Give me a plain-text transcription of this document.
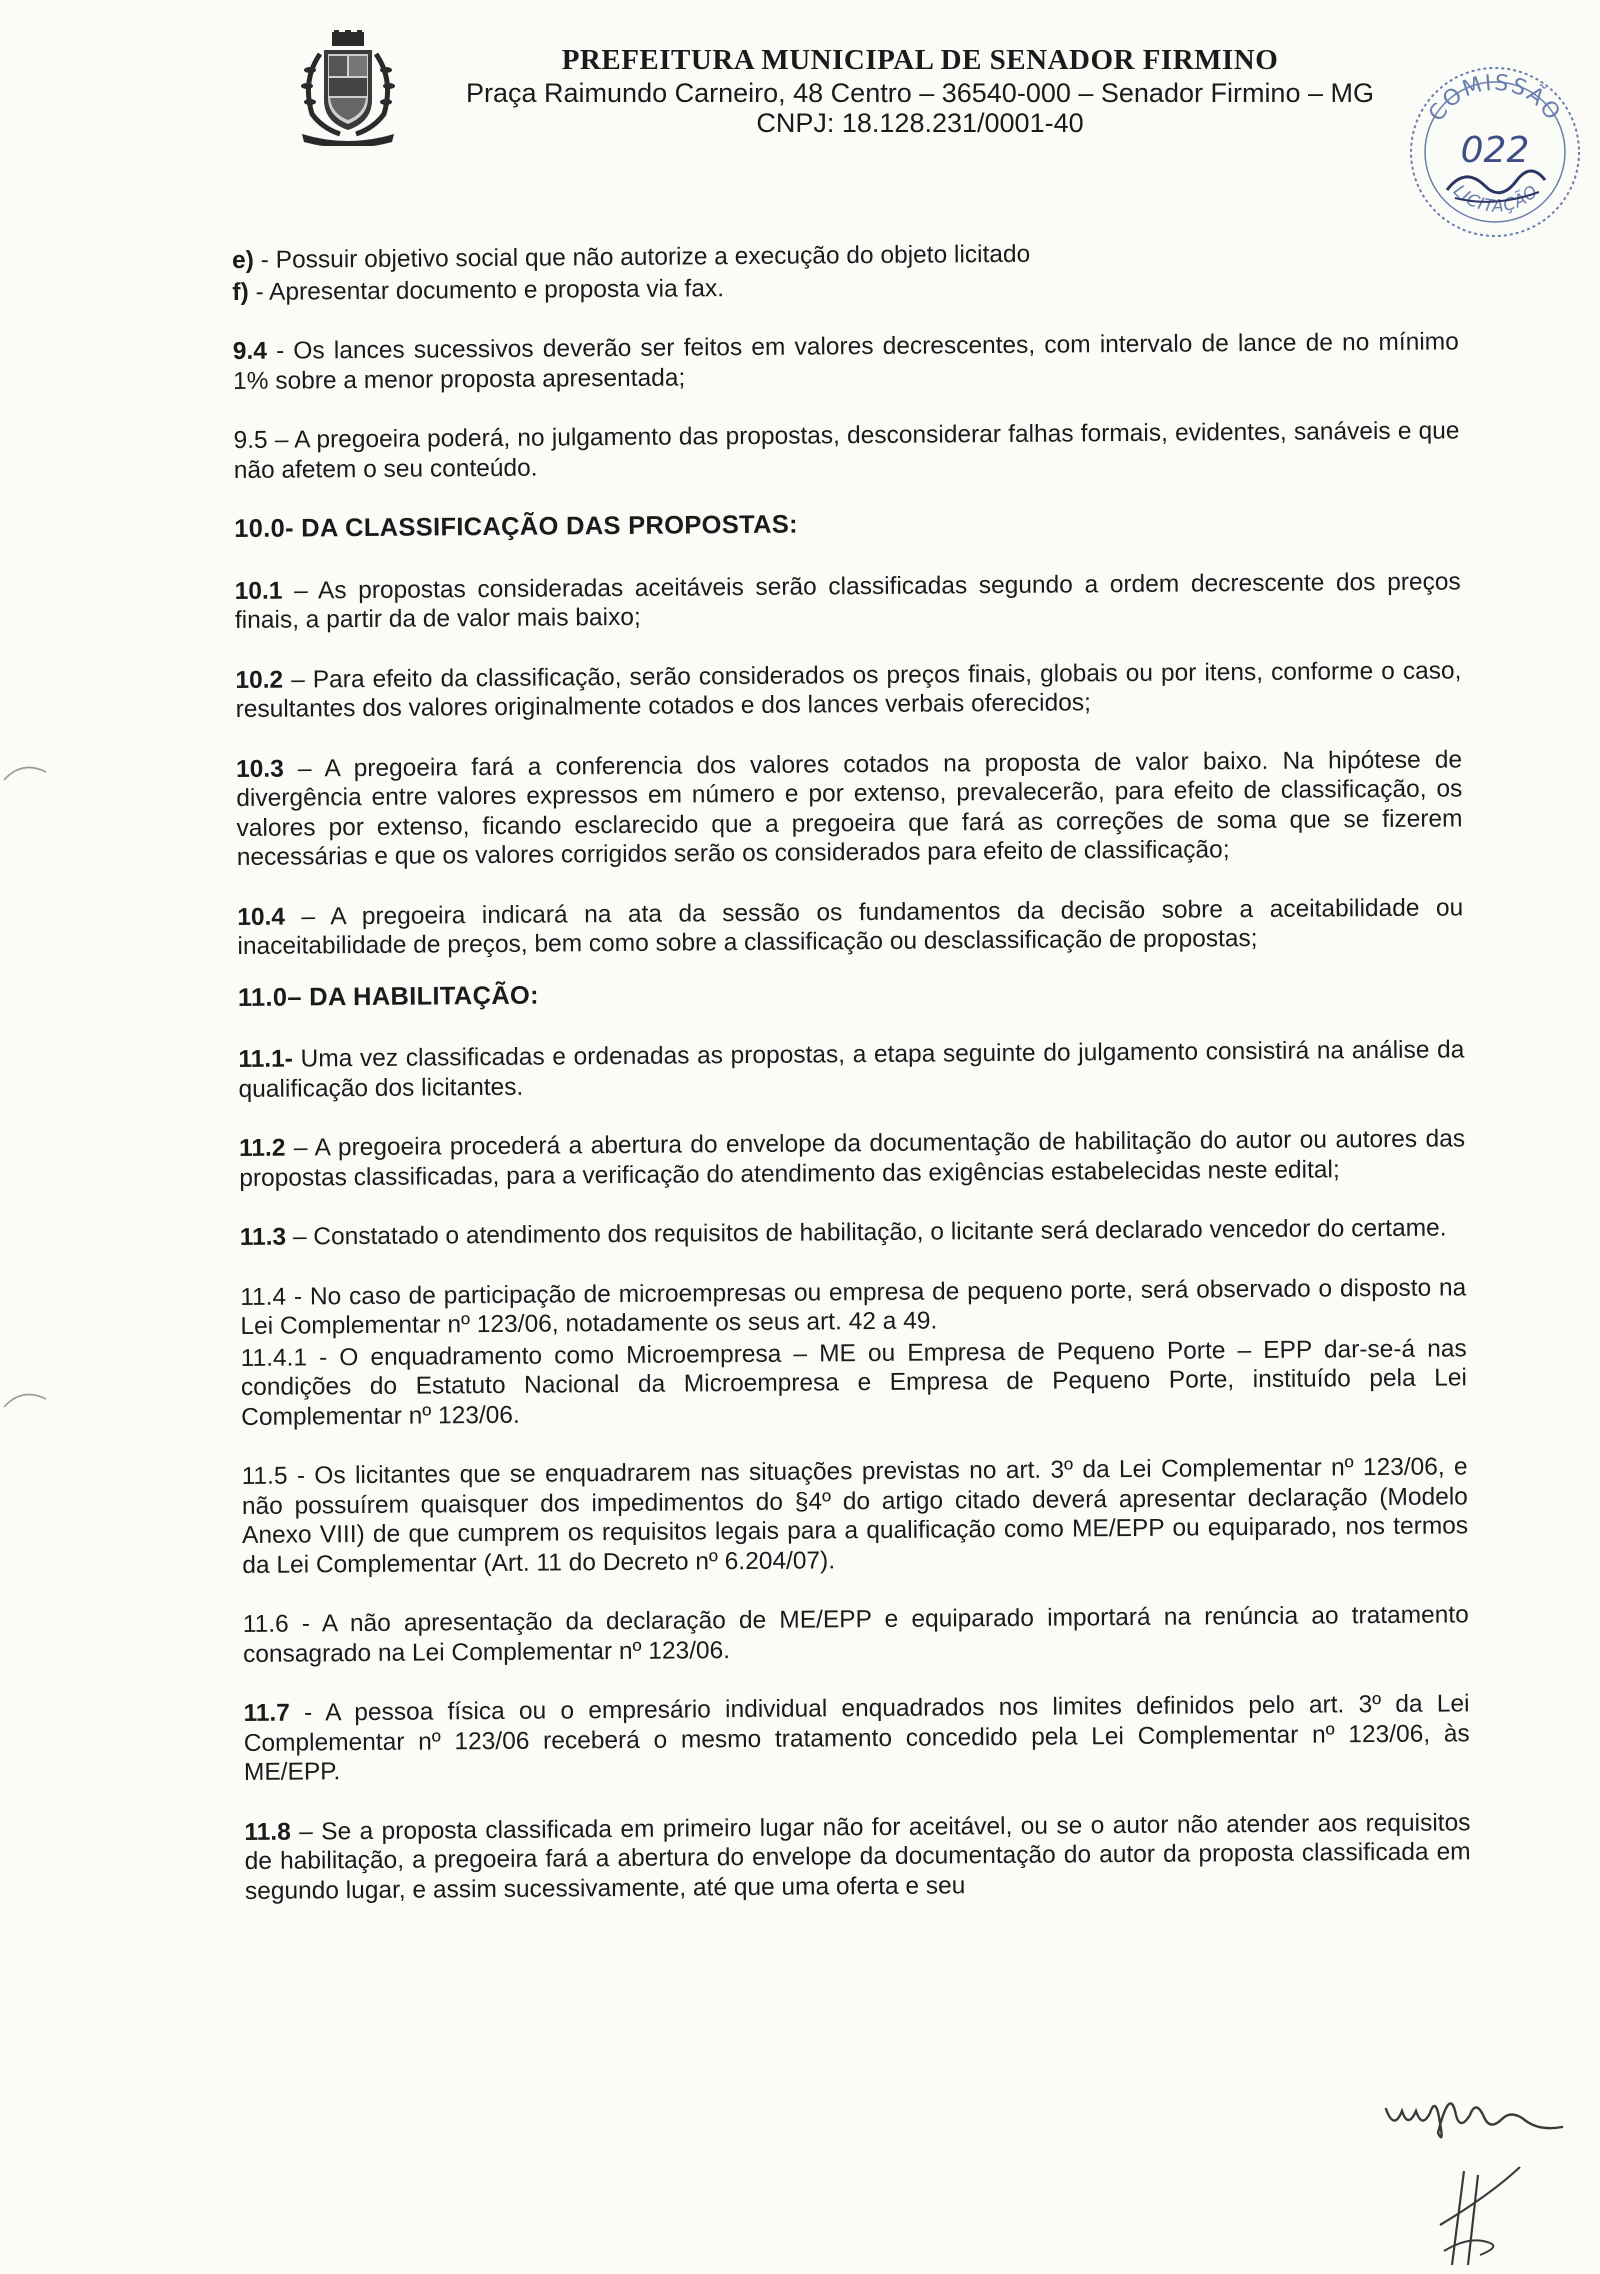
PREFEITURA MUNICIPAL DE SENADOR FIRMINO
Praça Raimundo Carneiro, 48 Centro – 36540-000 – Senador Firmino – MG
CNPJ: 18.128.231/0001-40	COMISSÃO
LICITAÇÃO
022

e) - Possuir objetivo social que não autorize a execução do objeto licitado

f) - Apresentar documento e proposta via fax.

9.4 - Os lances sucessivos deverão ser feitos em valores decrescentes, com intervalo de lance de no mínimo 1% sobre a menor proposta apresentada;

9.5 – A pregoeira poderá, no julgamento das propostas, desconsiderar falhas formais, evidentes, sanáveis e que não afetem o seu conteúdo.

10.0- DA CLASSIFICAÇÃO DAS PROPOSTAS:

10.1 – As propostas consideradas aceitáveis serão classificadas segundo a ordem decrescente dos preços finais, a partir da de valor mais baixo;

10.2 – Para efeito da classificação, serão considerados os preços finais, globais ou por itens, conforme o caso, resultantes dos valores originalmente cotados e dos lances verbais oferecidos;

10.3 – A pregoeira fará a conferencia dos valores cotados na proposta de valor baixo. Na hipótese de divergência entre valores expressos em número e por extenso, prevalecerão, para efeito de classificação, os valores por extenso, ficando esclarecido que a pregoeira que fará as correções de soma que se fizerem necessárias e que os valores corrigidos serão os considerados para efeito de classificação;

10.4 – A pregoeira indicará na ata da sessão os fundamentos da decisão sobre a aceitabilidade ou inaceitabilidade de preços, bem como sobre a classificação ou desclassificação de propostas;

11.0– DA HABILITAÇÃO:

11.1- Uma vez classificadas e ordenadas as propostas, a etapa seguinte do julgamento consistirá na análise da qualificação dos licitantes.

11.2 – A pregoeira procederá a abertura do envelope da documentação de habilitação do autor ou autores das propostas classificadas, para a verificação do atendimento das exigências estabelecidas neste edital;

11.3 – Constatado o atendimento dos requisitos de habilitação, o licitante será declarado vencedor do certame.

11.4 - No caso de participação de microempresas ou empresa de pequeno porte, será observado o disposto na Lei Complementar nº 123/06, notadamente os seus art. 42 a 49.

11.4.1 - O enquadramento como Microempresa – ME ou Empresa de Pequeno Porte – EPP dar-se-á nas condições do Estatuto Nacional da Microempresa e Empresa de Pequeno Porte, instituído pela Lei Complementar nº 123/06.

11.5 - Os licitantes que se enquadrarem nas situações previstas no art. 3º da Lei Complementar nº 123/06, e não possuírem quaisquer dos impedimentos do §4º do artigo citado deverá apresentar declaração (Modelo Anexo VIII) de que cumprem os requisitos legais para a qualificação como ME/EPP ou equiparado, nos termos da Lei Complementar (Art. 11 do Decreto nº 6.204/07).

11.6 - A não apresentação da declaração de ME/EPP e equiparado importará na renúncia ao tratamento consagrado na Lei Complementar nº 123/06.

11.7 - A pessoa física ou o empresário individual enquadrados nos limites definidos pelo art. 3º da Lei Complementar nº 123/06 receberá o mesmo tratamento concedido pela Lei Complementar nº 123/06, às ME/EPP.

11.8 – Se a proposta classificada em primeiro lugar não for aceitável, ou se o autor não atender aos requisitos de habilitação, a pregoeira fará a abertura do envelope da documentação do autor da proposta classificada em segundo lugar, e assim sucessivamente, até que uma oferta e seu
